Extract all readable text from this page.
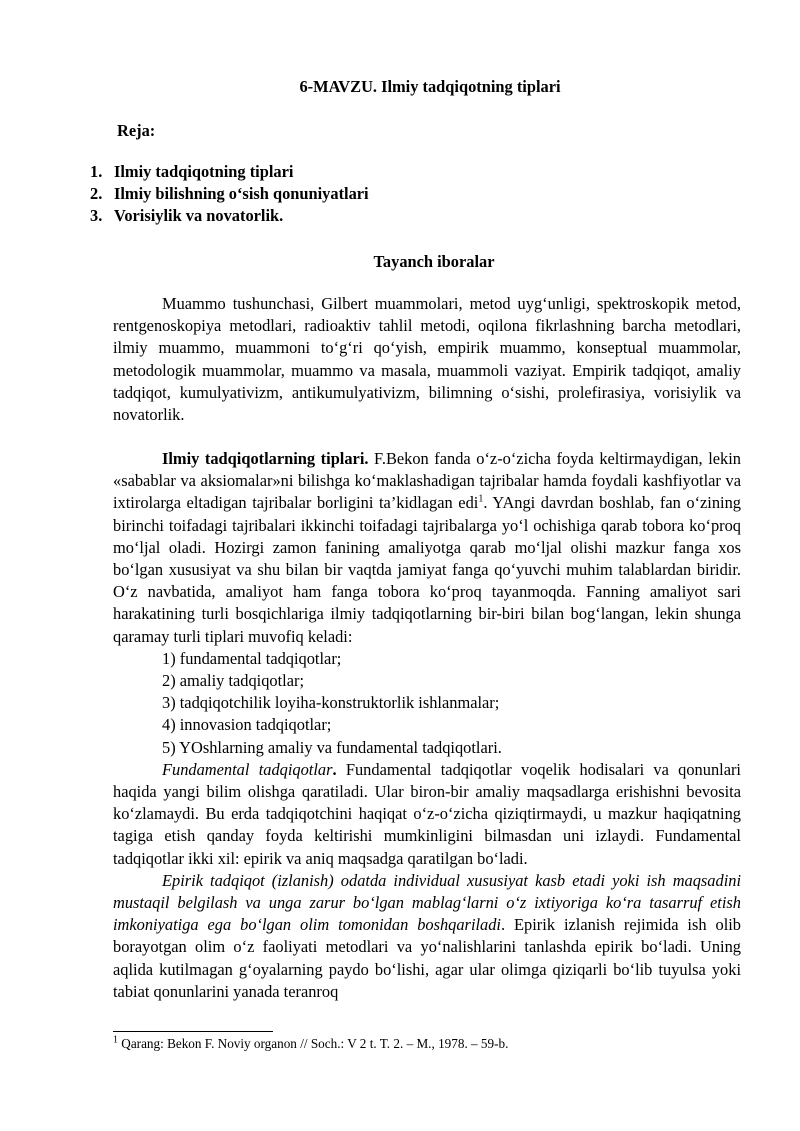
6-MAVZU. Ilmiy tadqiqotning tiplari
Reja:
1. Ilmiy tadqiqotning tiplari
2. Ilmiy bilishning o‘sish qonuniyatlari
3. Vorisiylik va novatorlik.
Tayanch iboralar

Muammo tushunchasi, Gilbert muammolari, metod uyg‘unligi, spektroskopik metod, rentgenoskopiya metodlari, radioaktiv tahlil metodi, oqilona fikrlashning barcha metodlari, ilmiy muammo, muammoni to‘g‘ri qo‘yish, empirik muammo, konseptual muammolar, metodologik muammolar, muammo va masala, muammoli vaziyat. Empirik tadqiqot, amaliy tadqiqot, kumulyativizm, antikumulyativizm, bilimning o‘sishi, prolefirasiya, vorisiylik va novatorlik.

Ilmiy tadqiqotlarning tiplari. F.Bekon fanda o‘z-o‘zicha foyda keltirmaydigan, lekin «sabablar va aksiomalar»ni bilishga ko‘maklashadigan tajribalar hamda foydali kashfiyotlar va ixtirolarga eltadigan tajribalar borligini ta’kidlagan edi$^1$. YAngi davrdan boshlab, fan o‘zining birinchi toifadagi tajribalari ikkinchi toifadagi tajribalarga yo‘l ochishiga qarab tobora ko‘proq mo‘ljal oladi. Hozirgi zamon fanining amaliyotga qarab mo‘ljal olishi mazkur fanga xos bo‘lgan xususiyat va shu bilan bir vaqtda jamiyat fanga qo‘yuvchi muhim talablardan biridir. O‘z navbatida, amaliyot ham fanga tobora ko‘proq tayanmoqda. Fanning amaliyot sari harakatining turli bosqichlariga ilmiy tadqiqotlarning bir-biri bilan bog‘langan, lekin shunga qaramay turli tiplari muvofiq keladi:

1) fundamental tadqiqotlar;

2) amaliy tadqiqotlar;

3) tadqiqotchilik loyiha-konstruktorlik ishlanmalar;

4) innovasion tadqiqotlar;

5) YOshlarning amaliy va fundamental tadqiqotlari.

Fundamental tadqiqotlar. Fundamental tadqiqotlar voqelik hodisalari va qonunlari haqida yangi bilim olishga qaratiladi. Ular biron-bir amaliy maqsadlarga erishishni bevosita ko‘zlamaydi. Bu erda tadqiqotchini haqiqat o‘z-o‘zicha qiziqtirmaydi, u mazkur haqiqatning tagiga etish qanday foyda keltirishi mumkinligini bilmasdan uni izlaydi. Fundamental tadqiqotlar ikki xil: epirik va aniq maqsadga qaratilgan bo‘ladi.

Epirik tadqiqot (izlanish) odatda individual xususiyat kasb etadi yoki ish maqsadini mustaqil belgilash va unga zarur bo‘lgan mablag‘larni o‘z ixtiyoriga ko‘ra tasarruf etish imkoniyatiga ega bo‘lgan olim tomonidan boshqariladi. Epirik izlanish rejimida ish olib borayotgan olim o‘z faoliyati metodlari va yo‘nalishlarini tanlashda epirik bo‘ladi. Uning aqlida kutilmagan g‘oyalarning paydo bo‘lishi, agar ular olimga qiziqarli bo‘lib tuyulsa yoki tabiat qonunlarini yanada teranroq

$^1$ Qarang: Bekon F. Noviy organon // Soch.: V 2 t. T. 2. – M., 1978. – 59-b.
